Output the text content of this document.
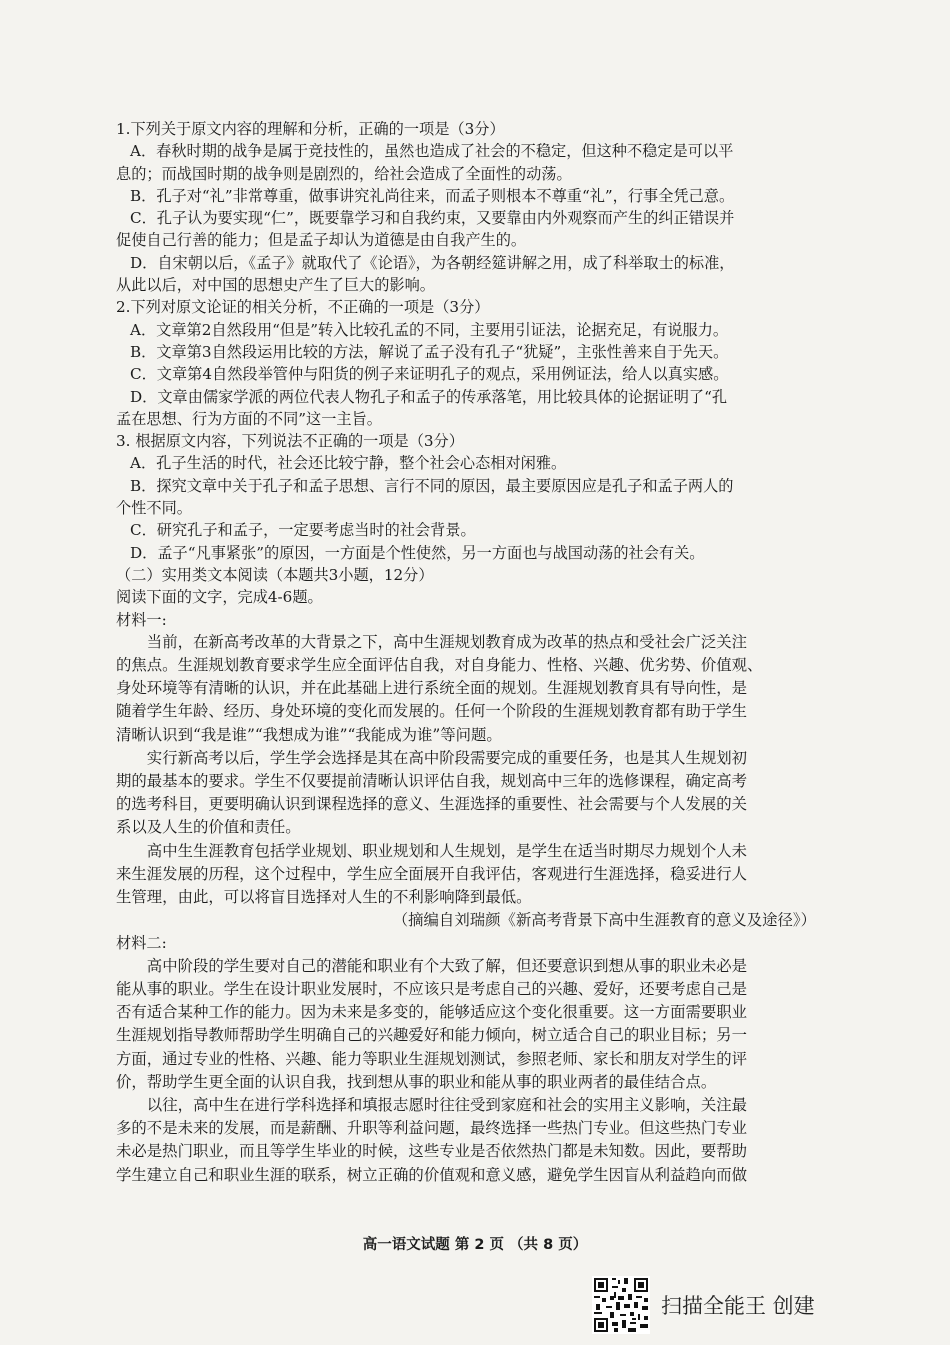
1.下列关于原文内容的理解和分析，正确的一项是（3分）
A．春秋时期的战争是属于竞技性的，虽然也造成了社会的不稳定，但这种不稳定是可以平
息的；而战国时期的战争则是剧烈的，给社会造成了全面性的动荡。
B．孔子对“礼”非常尊重，做事讲究礼尚往来，而孟子则根本不尊重“礼”，行事全凭己意。
C．孔子认为要实现“仁”，既要靠学习和自我约束，又要靠由内外观察而产生的纠正错误并
促使自己行善的能力；但是孟子却认为道德是由自我产生的。
D．自宋朝以后，《孟子》就取代了《论语》，为各朝经筵讲解之用，成了科举取士的标准，
从此以后，对中国的思想史产生了巨大的影响。
2.下列对原文论证的相关分析，不正确的一项是（3分）
A．文章第2自然段用“但是”转入比较孔孟的不同，主要用引证法，论据充足，有说服力。
B．文章第3自然段运用比较的方法，解说了孟子没有孔子“犹疑”，主张性善来自于先天。
C．文章第4自然段举管仲与阳货的例子来证明孔子的观点，采用例证法，给人以真实感。
D．文章由儒家学派的两位代表人物孔子和孟子的传承落笔，用比较具体的论据证明了“孔
孟在思想、行为方面的不同”这一主旨。
3. 根据原文内容，下列说法不正确的一项是（3分）
A．孔子生活的时代，社会还比较宁静，整个社会心态相对闲雅。
B．探究文章中关于孔子和孟子思想、言行不同的原因，最主要原因应是孔子和孟子两人的
个性不同。
C．研究孔子和孟子，一定要考虑当时的社会背景。
D．孟子“凡事紧张”的原因，一方面是个性使然，另一方面也与战国动荡的社会有关。
（二）实用类文本阅读（本题共3小题，12分）
阅读下面的文字，完成4-6题。
材料一:
当前，在新高考改革的大背景之下，高中生涯规划教育成为改革的热点和受社会广泛关注
的焦点。生涯规划教育要求学生应全面评估自我，对自身能力、性格、兴趣、优劣势、价值观、
身处环境等有清晰的认识，并在此基础上进行系统全面的规划。生涯规划教育具有导向性，是
随着学生年龄、经历、身处环境的变化而发展的。任何一个阶段的生涯规划教育都有助于学生
清晰认识到“我是谁”“我想成为谁”“我能成为谁”等问题。
实行新高考以后，学生学会选择是其在高中阶段需要完成的重要任务，也是其人生规划初
期的最基本的要求。学生不仅要提前清晰认识评估自我，规划高中三年的选修课程，确定高考
的选考科目，更要明确认识到课程选择的意义、生涯选择的重要性、社会需要与个人发展的关
系以及人生的价值和责任。
高中生生涯教育包括学业规划、职业规划和人生规划，是学生在适当时期尽力规划个人未
来生涯发展的历程，这个过程中，学生应全面展开自我评估，客观进行生涯选择，稳妥进行人
生管理，由此，可以将盲目选择对人生的不利影响降到最低。
（摘编自刘瑞颜《新高考背景下高中生涯教育的意义及途径》）
材料二:
高中阶段的学生要对自己的潜能和职业有个大致了解，但还要意识到想从事的职业未必是
能从事的职业。学生在设计职业发展时，不应该只是考虑自己的兴趣、爱好，还要考虑自己是
否有适合某种工作的能力。因为未来是多变的，能够适应这个变化很重要。这一方面需要职业
生涯规划指导教师帮助学生明确自己的兴趣爱好和能力倾向，树立适合自己的职业目标；另一
方面，通过专业的性格、兴趣、能力等职业生涯规划测试，参照老师、家长和朋友对学生的评
价，帮助学生更全面的认识自我，找到想从事的职业和能从事的职业两者的最佳结合点。
以往，高中生在进行学科选择和填报志愿时往往受到家庭和社会的实用主义影响，关注最
多的不是未来的发展，而是薪酬、升职等利益问题，最终选择一些热门专业。但这些热门专业
未必是热门职业，而且等学生毕业的时候，这些专业是否依然热门都是未知数。因此，要帮助
学生建立自己和职业生涯的联系，树立正确的价值观和意义感，避免学生因盲从利益趋向而做
高一语文试题 第 2 页 （共 8 页）
扫描全能王 创建
